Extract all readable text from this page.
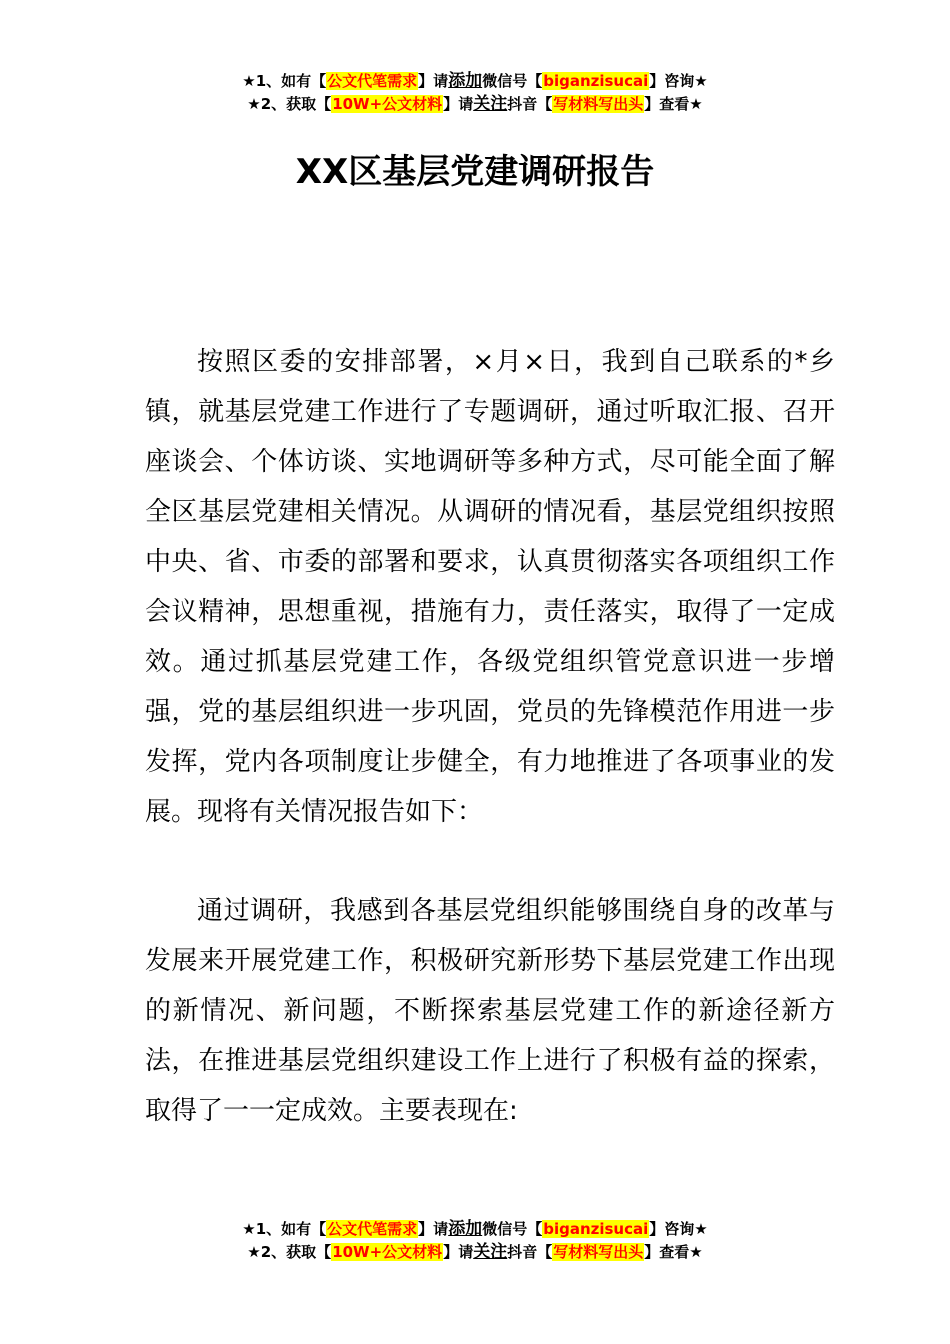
★1、如有【公文代笔需求】请添加微信号【biganzisucai】咨询★
★2、获取【10W+公文材料】请关注抖音【写材料写出头】查看★
XX区基层党建调研报告

按照区委的安排部署，×月×日，我到自己联系的*乡镇，就基层党建工作进行了专题调研，通过听取汇报、召开座谈会、个体访谈、实地调研等多种方式，尽可能全面了解全区基层党建相关情况。从调研的情况看，基层党组织按照中央、省、市委的部署和要求，认真贯彻落实各项组织工作会议精神，思想重视，措施有力，责任落实，取得了一定成效。通过抓基层党建工作，各级党组织管党意识进一步增强，党的基层组织进一步巩固，党员的先锋模范作用进一步发挥，党内各项制度让步健全，有力地推进了各项事业的发展。现将有关情况报告如下：

通过调研，我感到各基层党组织能够围绕自身的改革与发展来开展党建工作，积极研究新形势下基层党建工作出现的新情况、新问题，不断探索基层党建工作的新途径新方法，在推进基层党组织建设工作上进行了积极有益的探索，取得了一一定成效。主要表现在:

★1、如有【公文代笔需求】请添加微信号【biganzisucai】咨询★
★2、获取【10W+公文材料】请关注抖音【写材料写出头】查看★
